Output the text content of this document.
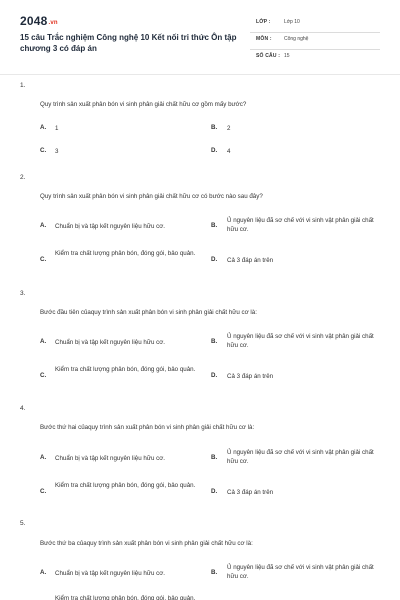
2048.vn
15 câu Trắc nghiệm Công nghệ 10 Kết nối tri thức Ôn tập chương 3 có đáp án
LỚP :	Lớp 10
MÔN : Công nghệ
SỐ CÂU : 15
1.
Quy trình sản xuất phân bón vi sinh phân giải chất hữu cơ gồm mấy bước?
A. 1	B. 2
C. 3	D. 4
2.
Quy trình sản xuất phân bón vi sinh phân giải chất hữu cơ có bước nào sau đây?
A. Chuẩn bị và tập kết nguyên liệu hữu cơ.	B.
Ủ nguyên liệu đã sơ chế với vi sinh vật phân giải chất hữu cơ.
C.
Kiểm tra chất lượng phân bón, đóng gói, bảo quản.
D. Cả 3 đáp án trên
3.
Bước đầu tiên củaquy trình sản xuất phân bón vi sinh phân giải chất hữu cơ là:
A. Chuẩn bị và tập kết nguyên liệu hữu cơ.	B.
Ủ nguyên liệu đã sơ chế với vi sinh vật phân giải chất hữu cơ.
C.
Kiểm tra chất lượng phân bón, đóng gói, bảo quản.
D. Cả 3 đáp án trên
4.
Bước thứ hai củaquy trình sản xuất phân bón vi sinh phân giải chất hữu cơ là:
A. Chuẩn bị và tập kết nguyên liệu hữu cơ.	B.
Ủ nguyên liệu đã sơ chế với vi sinh vật phân giải chất hữu cơ.
C.
Kiểm tra chất lượng phân bón, đóng gói, bảo quản.
D. Cả 3 đáp án trên
5.
Bước thứ ba củaquy trình sản xuất phân bón vi sinh phân giải chất hữu cơ là:
A. Chuẩn bị và tập kết nguyên liệu hữu cơ.	B.
Ủ nguyên liệu đã sơ chế với vi sinh vật phân giải chất hữu cơ.
Kiểm tra chất lượng phân bón, đóng gói, bảo quản.
